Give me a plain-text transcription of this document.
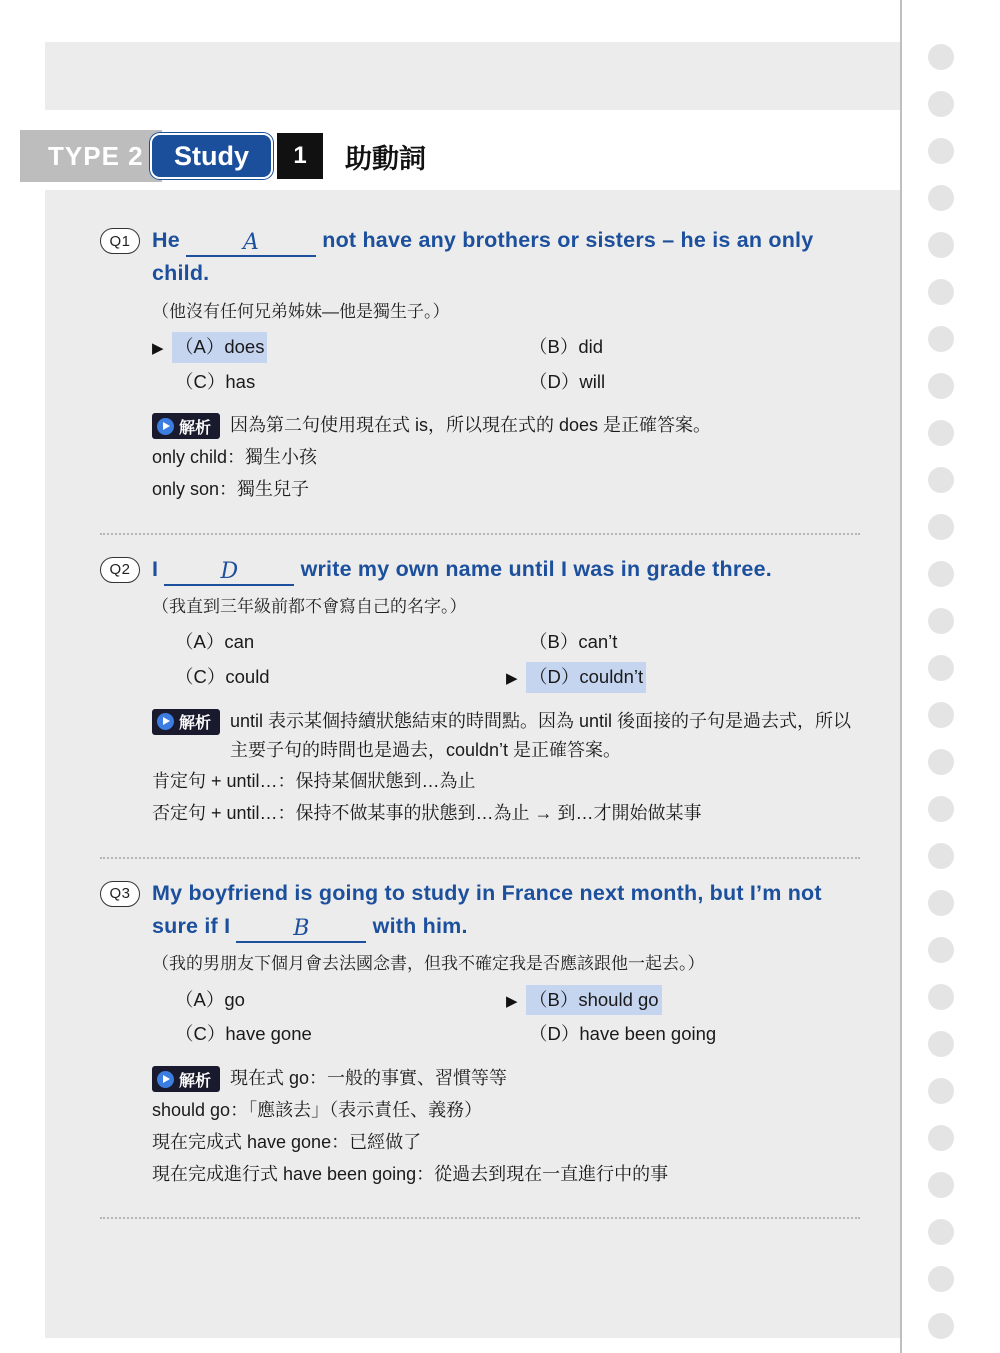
TYPE 2	Study	1	助動詞
Q1	He	A	not have any brothers or sisters – he is an only child.
（他沒有任何兄弟姊妹—他是獨生子。）
▶ （A）does	（B）did
（C）has	（D）will
解析 因為第二句使用現在式 is，所以現在式的 does 是正確答案。
only child：獨生小孩
only son：獨生兒子
Q2	I	D	write my own name until I was in grade three.
（我直到三年級前都不會寫自己的名字。）
（A）can	（B）can’t
（C）could	▶ （D）couldn’t
解析 until 表示某個持續狀態結束的時間點。因為 until 後面接的子句是過去式，所以主要子句的時間也是過去，couldn’t 是正確答案。
肯定句 + until…：保持某個狀態到…為止
否定句 + until…：保持不做某事的狀態到…為止 → 到…才開始做某事
Q3	My boyfriend is going to study in France next month, but I’m not sure if I	B	with him.
（我的男朋友下個月會去法國念書，但我不確定我是否應該跟他一起去。）
（A）go	▶ （B）should go
（C）have gone	（D）have been going
解析 現在式 go：一般的事實、習慣等等
should go：「應該去」（表示責任、義務）
現在完成式 have gone：已經做了
現在完成進行式 have been going：從過去到現在一直進行中的事
